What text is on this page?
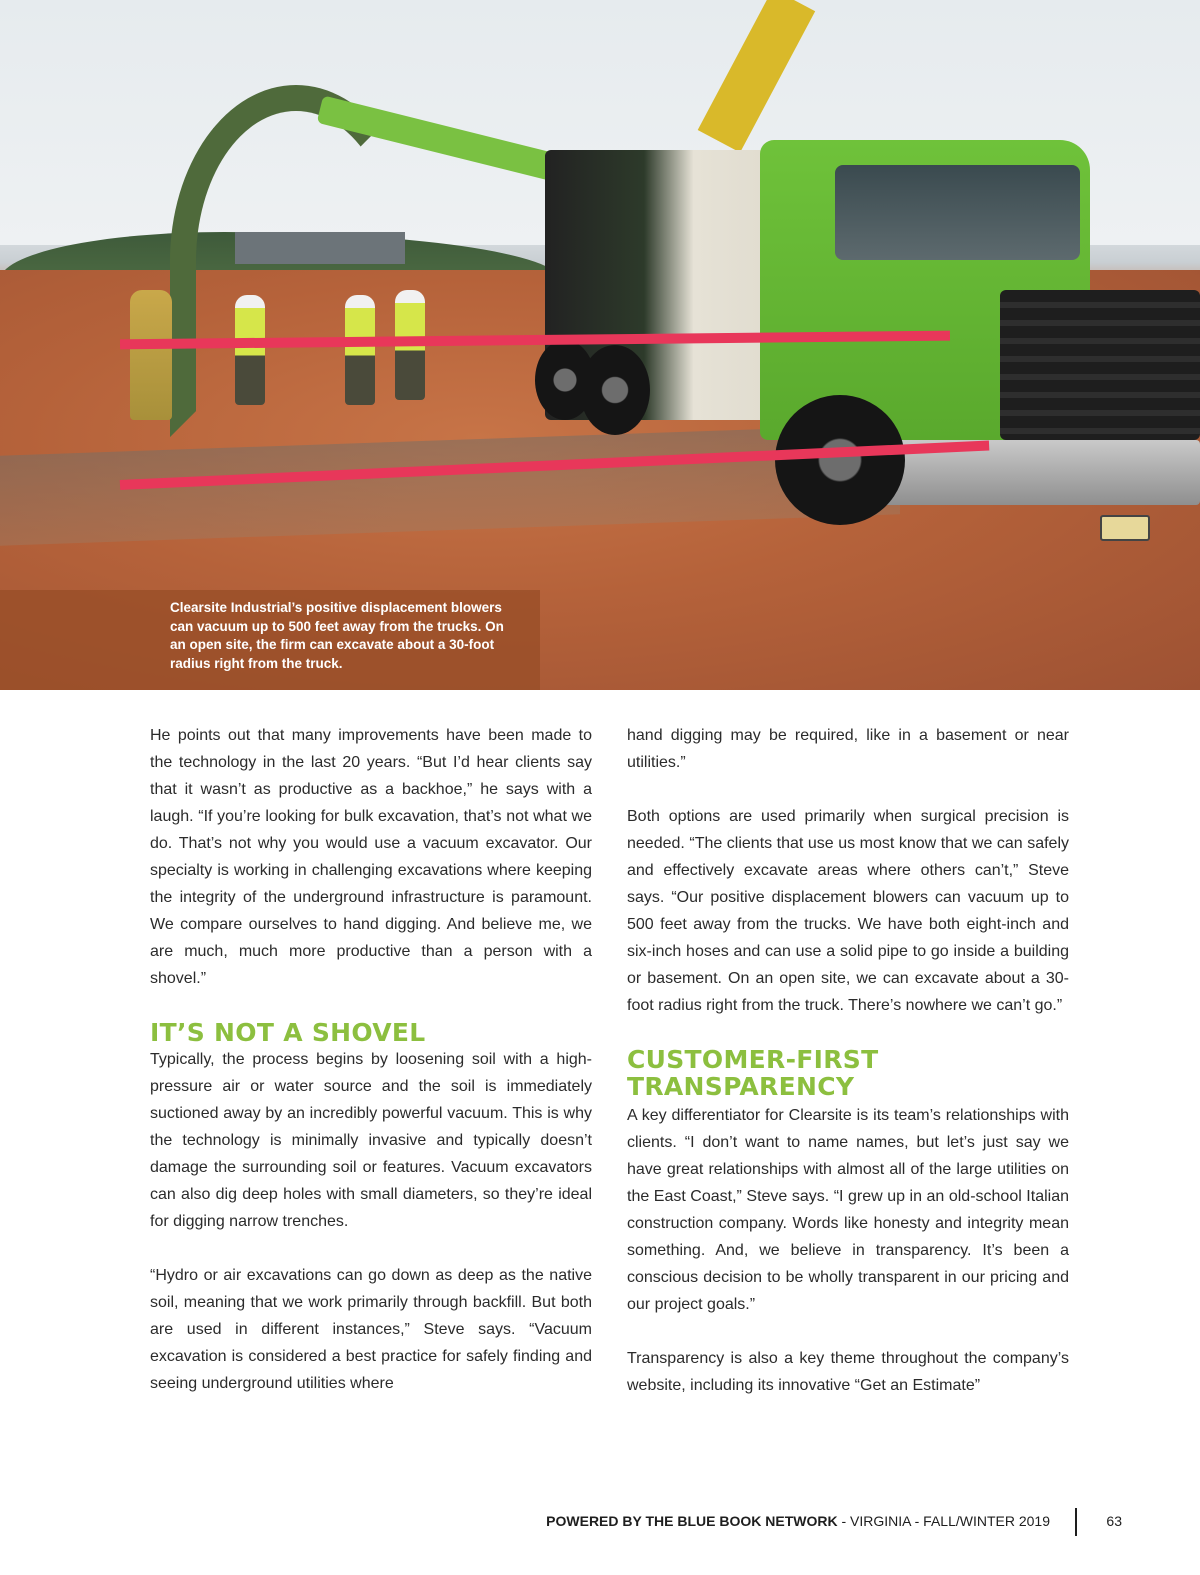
Clearsite Industrial’s positive displacement blowers can vacuum up to 500 feet away from the trucks. On an open site, the firm can excavate about a 30-foot radius right from the truck.

He points out that many improvements have been made to the technology in the last 20 years. “But I’d hear clients say that it wasn’t as productive as a backhoe,” he says with a laugh. “If you’re looking for bulk excavation, that’s not what we do. That’s not why you would use a vacuum excavator. Our specialty is working in challenging excavations where keeping the integrity of the underground infrastructure is paramount. We compare ourselves to hand digging. And believe me, we are much, much more productive than a person with a shovel.”

IT’S NOT A SHOVEL

Typically, the process begins by loosening soil with a high-pressure air or water source and the soil is immediately suctioned away by an incredibly powerful vacuum. This is why the technology is minimally invasive and typically doesn’t damage the surrounding soil or features. Vacuum excavators can also dig deep holes with small diameters, so they’re ideal for digging narrow trenches.

“Hydro or air excavations can go down as deep as the native soil, meaning that we work primarily through backfill. But both are used in different instances,” Steve says. “Vacuum excavation is considered a best practice for safely finding and seeing underground utilities where

hand digging may be required, like in a basement or near utilities.”

Both options are used primarily when surgical precision is needed. “The clients that use us most know that we can safely and effectively excavate areas where others can’t,” Steve says. “Our positive displacement blowers can vacuum up to 500 feet away from the trucks. We have both eight-inch and six-inch hoses and can use a solid pipe to go inside a building or basement. On an open site, we can excavate about a 30-foot radius right from the truck. There’s nowhere we can’t go.”

CUSTOMER-FIRST TRANSPARENCY

A key differentiator for Clearsite is its team’s relationships with clients. “I don’t want to name names, but let’s just say we have great relationships with almost all of the large utilities on the East Coast,” Steve says. “I grew up in an old-school Italian construction company. Words like honesty and integrity mean something. And, we believe in transparency. It’s been a conscious decision to be wholly transparent in our pricing and our project goals.”

Transparency is also a key theme throughout the company’s website, including its innovative “Get an Estimate”

POWERED BY THE BLUE BOOK NETWORK - VIRGINIA - FALL/WINTER 2019	63
